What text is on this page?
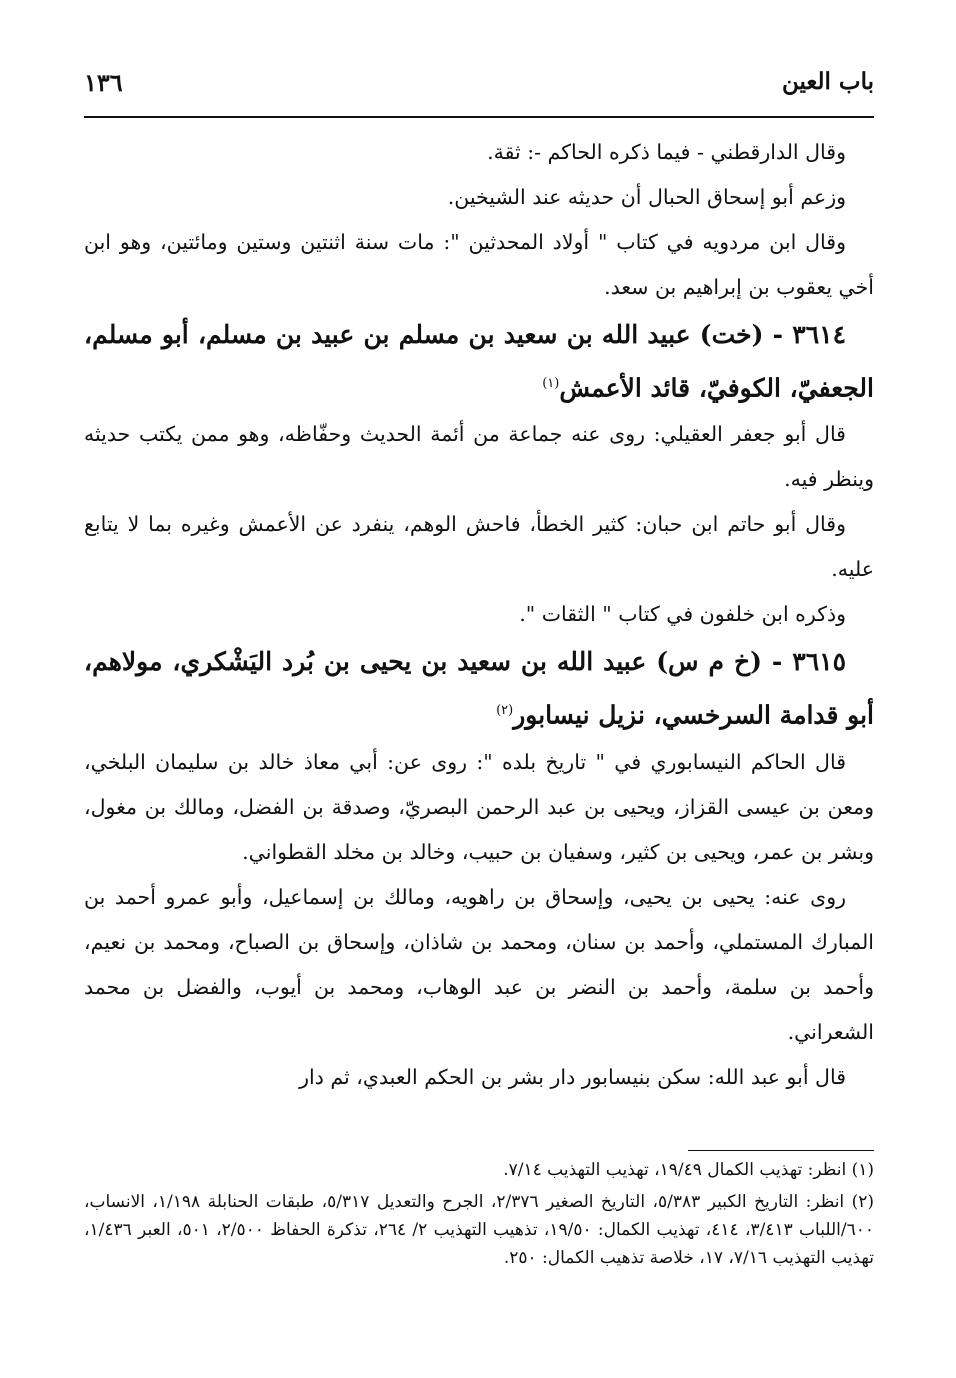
باب العين
١٣٦

وقال الدارقطني - فيما ذكره الحاكم -: ثقة.

وزعم أبو إسحاق الحبال أن حديثه عند الشيخين.

وقال ابن مردويه في كتاب " أولاد المحدثين ": مات سنة اثنتين وستين ومائتين، وهو ابن أخي يعقوب بن إبراهيم بن سعد.

٣٦١٤ - (خت) عبيد الله بن سعيد بن مسلم بن عبيد بن مسلم، أبو مسلم، الجعفيّ، الكوفيّ، قائد الأعمش$^{(١)}$

قال أبو جعفر العقيلي: روى عنه جماعة من أئمة الحديث وحفّاظه، وهو ممن يكتب حديثه وينظر فيه.

وقال أبو حاتم ابن حبان: كثير الخطأ، فاحش الوهم، ينفرد عن الأعمش وغيره بما لا يتابع عليه.

وذكره ابن خلفون في كتاب " الثقات ".

٣٦١٥ - (خ م س) عبيد الله بن سعيد بن يحيى بن بُرد اليَشْكري، مولاهم، أبو قدامة السرخسي، نزيل نيسابور$^{(٢)}$

قال الحاكم النيسابوري في " تاريخ بلده ": روى عن: أبي معاذ خالد بن سليمان البلخي، ومعن بن عيسى القزاز، ويحيى بن عبد الرحمن البصريّ، وصدقة بن الفضل، ومالك بن مغول، وبشر بن عمر، ويحيى بن كثير، وسفيان بن حبيب، وخالد بن مخلد القطواني.

روى عنه: يحيى بن يحيى، وإسحاق بن راهويه، ومالك بن إسماعيل، وأبو عمرو أحمد بن المبارك المستملي، وأحمد بن سنان، ومحمد بن شاذان، وإسحاق بن الصباح، ومحمد بن نعيم، وأحمد بن سلمة، وأحمد بن النضر بن عبد الوهاب، ومحمد بن أيوب، والفضل بن محمد الشعراني.

قال أبو عبد الله: سكن بنيسابور دار بشر بن الحكم العبدي، ثم دار

(١) انظر: تهذيب الكمال ١٩/٤٩، تهذيب التهذيب ٧/١٤.

(٢) انظر: التاريخ الكبير ٥/٣٨٣، التاريخ الصغير ٢/٣٧٦، الجرح والتعديل ٥/٣١٧، طبقات الحنابلة ١/١٩٨، الانساب، ٦٠٠/اللباب ٣/٤١٣، ٤١٤، تهذيب الكمال: ١٩/٥٠، تذهيب التهذيب ٢/ ٢٦٤، تذكرة الحفاظ ٢/٥٠٠، ٥٠١، العبر ١/٤٣٦، تهذيب التهذيب ٧/١٦، ١٧، خلاصة تذهيب الكمال: ٢٥٠.
